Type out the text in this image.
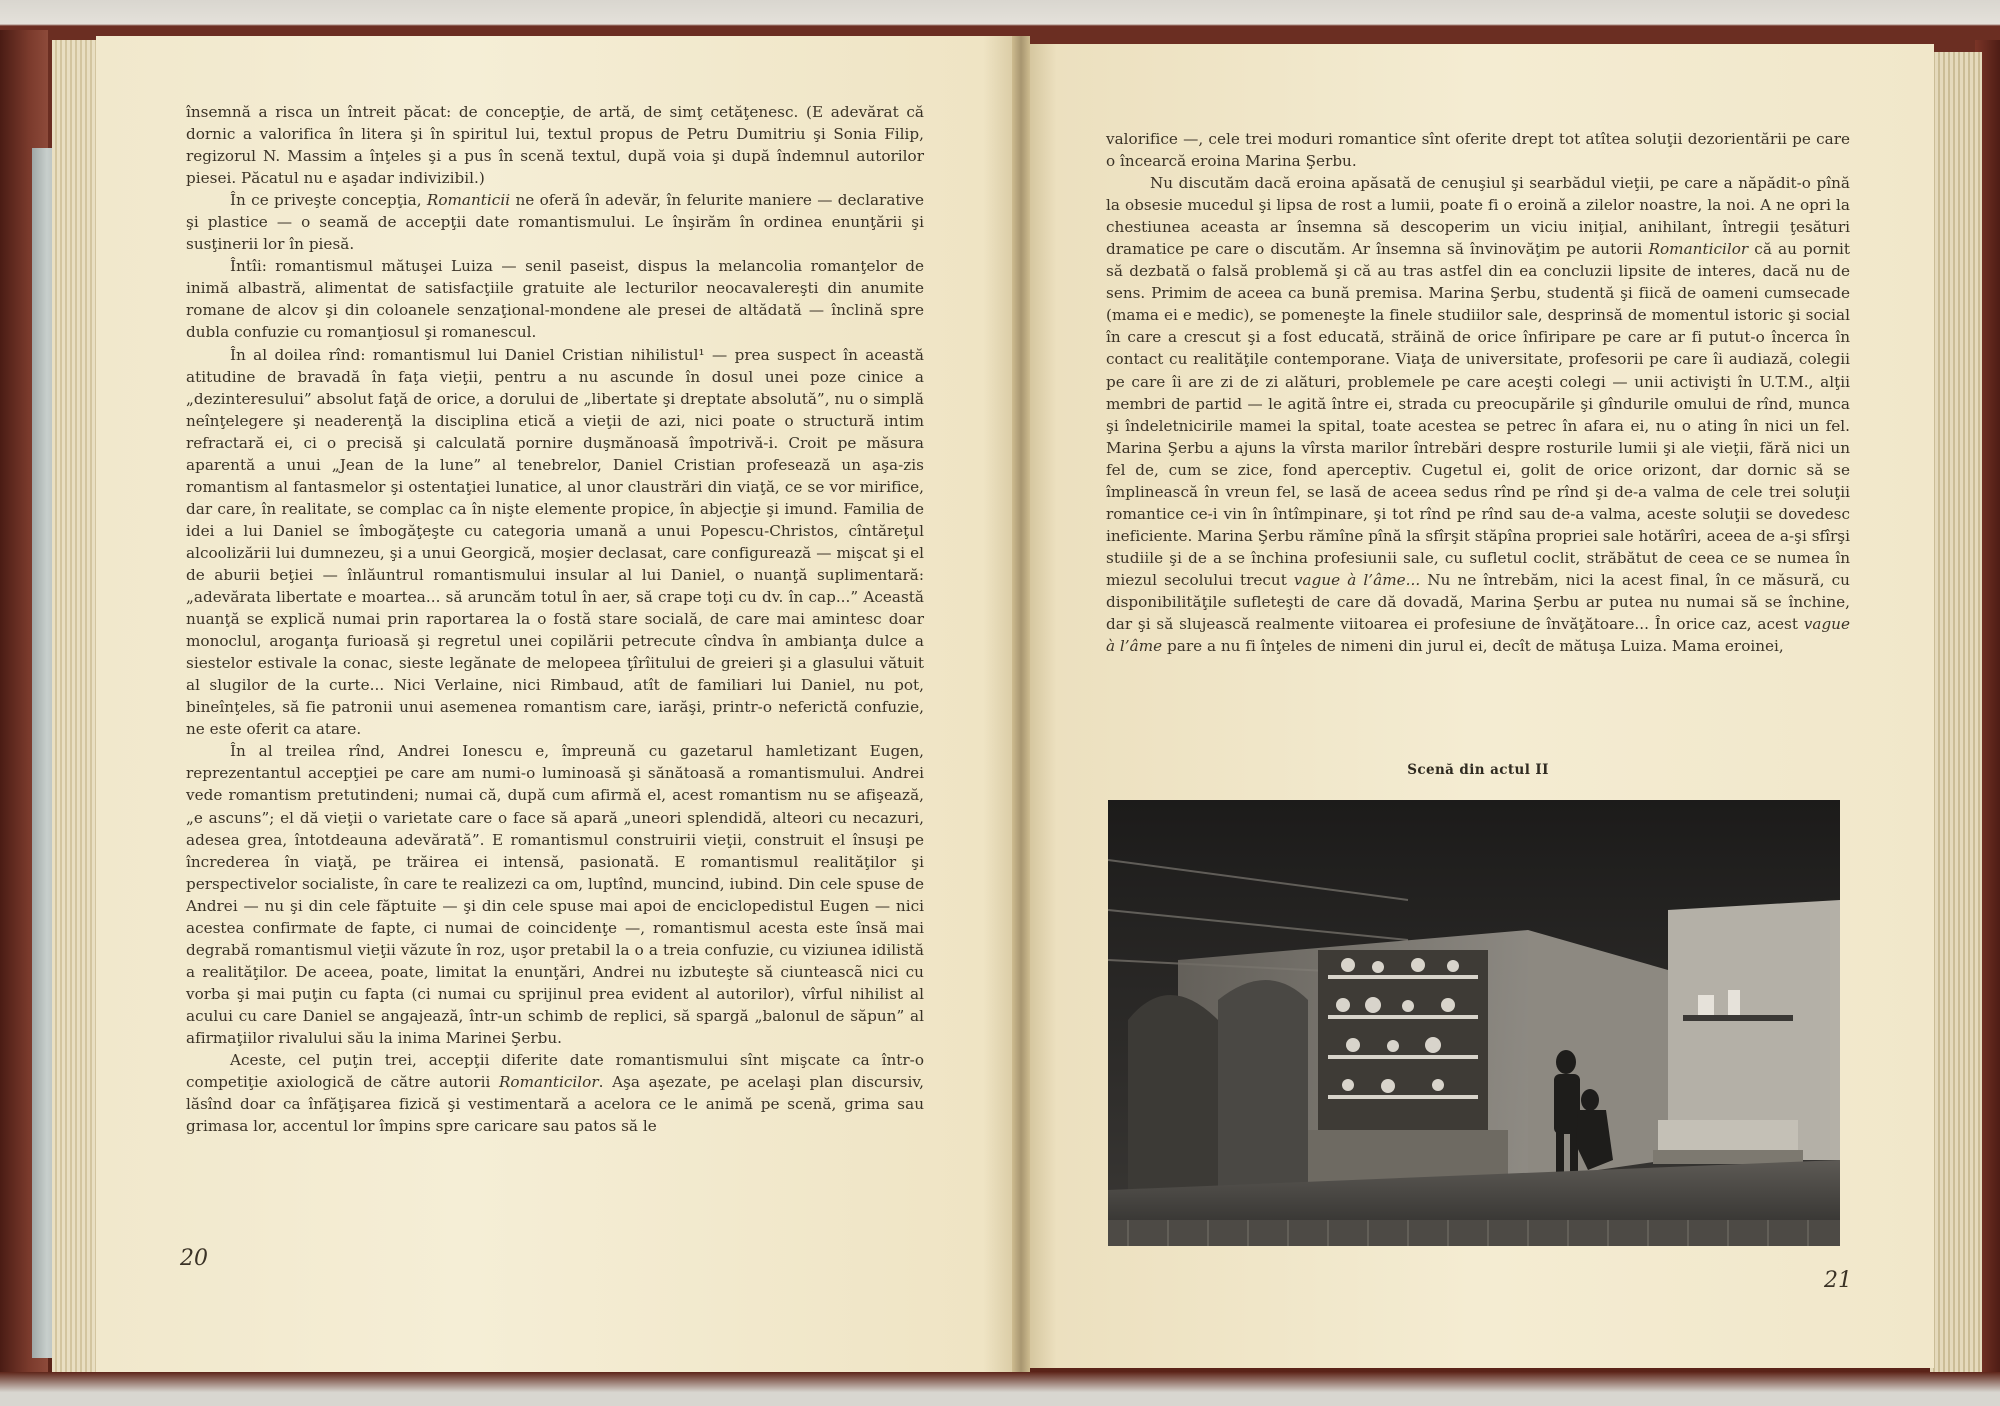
însemnă a risca un întreit păcat: de concepţie, de artă, de simţ cetăţenesc. (E adevărat că dornic a valorifica în litera şi în spiritul lui, textul propus de Petru Dumitriu şi Sonia Filip, regizorul N. Massim a înţeles şi a pus în scenă textul, după voia şi după îndemnul autorilor piesei. Păcatul nu e aşadar indivizibil.)

În ce priveşte concepţia, Romanticii ne oferă în adevăr, în felurite maniere — declarative şi plastice — o seamă de accepţii date romantismului. Le înşirăm în ordinea enunţării şi susţinerii lor în piesă.

Întîi: romantismul mătuşei Luiza — senil paseist, dispus la melancolia romanţelor de inimă albastră, alimentat de satisfacţiile gratuite ale lecturilor neocavalereşti din anumite romane de alcov şi din coloanele senzaţional-mondene ale presei de altădată — înclină spre dubla confuzie cu romanţiosul şi romanescul.

În al doilea rînd: romantismul lui Daniel Cristian nihilistul¹ — prea suspect în această atitudine de bravadă în faţa vieţii, pentru a nu ascunde în dosul unei poze cinice a „dezinteresului” absolut faţă de orice, a dorului de „libertate şi dreptate absolută”, nu o simplă neînţelegere şi neaderenţă la disciplina etică a vieţii de azi, nici poate o structură intim refractară ei, ci o precisă şi calculată pornire duşmănoasă împotrivă-i. Croit pe măsura aparentă a unui „Jean de la lune” al tenebrelor, Daniel Cristian profesează un aşa-zis romantism al fantasmelor şi ostentaţiei lunatice, al unor claustrări din viaţă, ce se vor mirifice, dar care, în realitate, se complac ca în nişte elemente propice, în abjecţie şi imund. Familia de idei a lui Daniel se îmbogăţeşte cu categoria umană a unui Popescu-Christos, cîntăreţul alcoolizării lui dumnezeu, şi a unui Georgică, moşier declasat, care configurează — mişcat şi el de aburii beţiei — înlăuntrul romantismului insular al lui Daniel, o nuanţă suplimentară: „adevărata libertate e moartea... să aruncăm totul în aer, să crape toţi cu dv. în cap...” Această nuanţă se explică numai prin raportarea la o fostă stare socială, de care mai amintesc doar monoclul, aroganţa furioasă şi regretul unei copilării petrecute cîndva în ambianţa dulce a siestelor estivale la conac, sieste legănate de melopeea ţîrîitului de greieri şi a glasului vătuit al slugilor de la curte... Nici Verlaine, nici Rimbaud, atît de familiari lui Daniel, nu pot, bineînţeles, să fie patronii unui asemenea romantism care, iarăşi, printr-o neferictă confuzie, ne este oferit ca atare.

În al treilea rînd, Andrei Ionescu e, împreună cu gazetarul hamletizant Eugen, reprezentantul accepţiei pe care am numi-o luminoasă şi sănătoasă a romantismului. Andrei vede romantism pretutindeni; numai că, după cum afirmă el, acest romantism nu se afişează, „e ascuns”; el dă vieţii o varietate care o face să apară „uneori splendidă, alteori cu necazuri, adesea grea, întotdeauna adevărată”. E romantismul construirii vieţii, construit el însuşi pe încrederea în viaţă, pe trăirea ei intensă, pasionată. E romantismul realităţilor şi perspectivelor socialiste, în care te realizezi ca om, luptînd, muncind, iubind. Din cele spuse de Andrei — nu şi din cele făptuite — şi din cele spuse mai apoi de enciclopedistul Eugen — nici acestea confirmate de fapte, ci numai de coincidenţe —, romantismul acesta este însă mai degrabă romantismul vieţii văzute în roz, uşor pretabil la o a treia confuzie, cu viziunea idilistă a realităţilor. De aceea, poate, limitat la enunţări, Andrei nu izbuteşte să ciunteascã nici cu vorba şi mai puţin cu fapta (ci numai cu sprijinul prea evident al autorilor), vîrful nihilist al acului cu care Daniel se angajează, într-un schimb de replici, să spargă „balonul de săpun” al afirmaţiilor rivalului său la inima Marinei Şerbu.

Aceste, cel puţin trei, accepţii diferite date romantismului sînt mişcate ca într-o competiţie axiologică de către autorii Romanticilor. Aşa aşezate, pe acelaşi plan discursiv, lăsînd doar ca înfăţişarea fizică şi vestimentară a acelora ce le animă pe scenă, grima sau grimasa lor, accentul lor împins spre caricare sau patos să le

valorifice —, cele trei moduri romantice sînt oferite drept tot atîtea soluţii dezorientării pe care o încearcă eroina Marina Şerbu.

Nu discutăm dacă eroina apăsată de cenuşiul şi searbădul vieţii, pe care a năpădit-o pînă la obsesie mucedul şi lipsa de rost a lumii, poate fi o eroină a zilelor noastre, la noi. A ne opri la chestiunea aceasta ar însemna să descoperim un viciu iniţial, anihilant, întregii ţesături dramatice pe care o discutăm. Ar însemna să învinovăţim pe autorii Romanticilor că au pornit să dezbată o falsă problemă şi că au tras astfel din ea concluzii lipsite de interes, dacă nu de sens. Primim de aceea ca bună premisa. Marina Şerbu, studentă şi fiică de oameni cumsecade (mama ei e medic), se pomeneşte la finele studiilor sale, desprinsă de momentul istoric şi social în care a crescut şi a fost educată, străină de orice înfiripare pe care ar fi putut-o încerca în contact cu realităţile contemporane. Viaţa de universitate, profesorii pe care îi audiază, colegii pe care îi are zi de zi alături, problemele pe care aceşti colegi — unii activişti în U.T.M., alţii membri de partid — le agită între ei, strada cu preocupările şi gîndurile omului de rînd, munca şi îndeletnicirile mamei la spital, toate acestea se petrec în afara ei, nu o ating în nici un fel. Marina Şerbu a ajuns la vîrsta marilor întrebări despre rosturile lumii şi ale vieţii, fără nici un fel de, cum se zice, fond aperceptiv. Cugetul ei, golit de orice orizont, dar dornic să se împlinească în vreun fel, se lasă de aceea sedus rînd pe rînd şi de-a valma de cele trei soluţii romantice ce-i vin în întîmpinare, şi tot rînd pe rînd sau de-a valma, aceste soluţii se dovedesc ineficiente. Marina Şerbu rămîne pînă la sfîrşit stăpîna propriei sale hotărîri, aceea de a-şi sfîrşi studiile şi de a se închina profesiunii sale, cu sufletul coclit, străbătut de ceea ce se numea în miezul secolului trecut vague à l’âme... Nu ne întrebăm, nici la acest final, în ce măsură, cu disponibilităţile sufleteşti de care dă dovadă, Marina Şerbu ar putea nu numai să se închine, dar şi să slujească realmente viitoarea ei profesiune de învăţătoare... În orice caz, acest vague à l’âme pare a nu fi înţeles de nimeni din jurul ei, decît de mătuşa Luiza. Mama eroinei,

Scenă din actul II
20
21
